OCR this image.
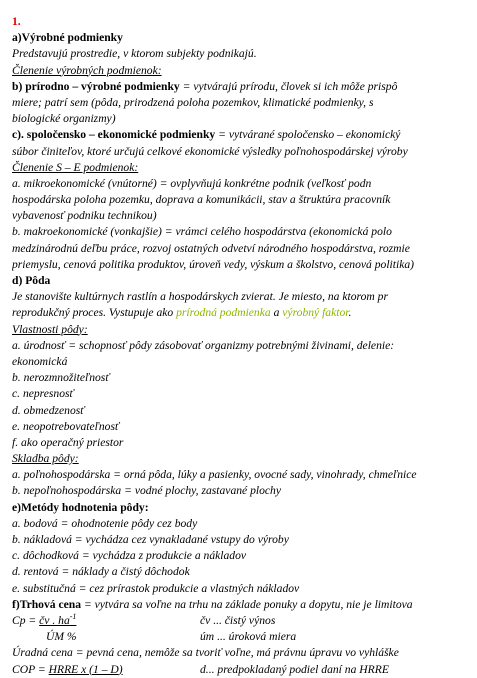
1.
a)Výrobné podmienky
Predstavujú prostredie, v ktorom subjekty podnikajú.
Členenie výrobných podmienok:
b) prírodno – výrobné podmienky = vytvárajú prírodu, človek si ich môže prispô
miere; patrí sem (pôda, prirodzená poloha pozemkov, klimatické podmienky, s
biologické organizmy)
c). spoločensko – ekonomické podmienky = vytvárané spoločensko – ekonomický
súbor činiteľov, ktoré určujú celkové ekonomické výsledky poľnohospodárskej výroby
Členenie S – E podmienok:
a. mikroekonomické (vnútorné) = ovplyvňujú konkrétne podnik (veľkosť podn
hospodárska poloha pozemku, doprava a komunikácii, stav a štruktúra pracovník
vybavenosť podniku technikou)
b. makroekonomické (vonkajšie) = vrámci celého hospodárstva (ekonomická polo
medzinárodnú deľbu práce, rozvoj ostatných odvetví národného hospodárstva, rozmie
priemyslu, cenová politika produktov, úroveň vedy, výskum a školstvo, cenová politika)
d) Pôda
Je stanovište kultúrnych rastlín a hospodárskych zvierat. Je miesto, na ktorom pr
reprodukčný proces. Vystupuje ako prírodná podmienka a výrobný faktor.
Vlastnosti pôdy:
a. úrodnosť = schopnosť pôdy zásobovať organizmy potrebnými živinami, delenie:
ekonomická
b. nerozmnožiteľnosť
c. nepresnosť
d. obmedzenosť
e. neopotrebovateľnosť
f. ako operačný priestor
Skladba pôdy:
a. poľnohospodárska = orná pôda, lúky a pasienky, ovocné sady, vinohrady, chmeľnice
b. nepoľnohospodárska = vodné plochy, zastavané plochy
e)Metódy hodnotenia pôdy:
a. bodová = ohodnotenie pôdy cez body
b. nákladová = vychádza cez vynakladané vstupy do výroby
c. dôchodková = vychádza z produkcie a nákladov
d. rentová = náklady a čistý dôchodok
e. substitučná = cez prírastok produkcie a vlastných nákladov
f)Trhová cena = vytvára sa voľne na trhu na základe ponuky a dopytu, nie je limitova
Cp = čv . $ha^{-1}$	čv ... čistý výnos
ÚM %	úm ... úroková miera
Úradná cena = pevná cena, nemôže sa tvoriť voľne, má právnu úpravu vo vyhláške
COP = HRRE x (1 – D)	d... predpokladaný podiel daní na HRRE
